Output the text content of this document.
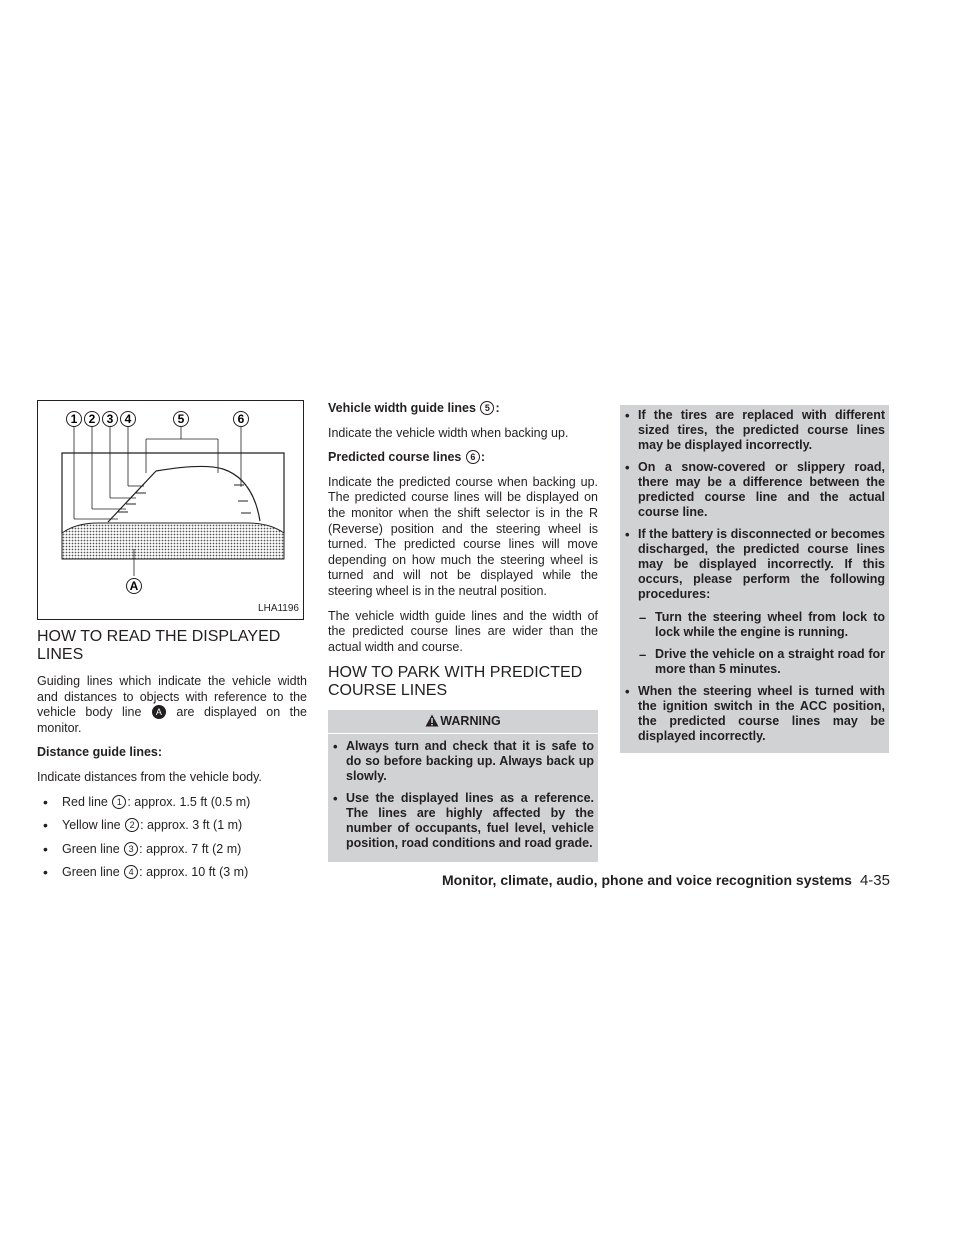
1 2 3 4	5	6
A
LHA1196
HOW TO READ THE DISPLAYED LINES

Guiding lines which indicate the vehicle width and distances to objects with reference to the vehicle body line A are displayed on the monitor.

Distance guide lines:

Indicate distances from the vehicle body.

• Red line 1 : approx. 1.5 ft (0.5 m)
• Yellow line 2 : approx. 3 ft (1 m)
• Green line 3 : approx. 7 ft (2 m)
• Green line 4 : approx. 10 ft (3 m)

Vehicle width guide lines 5 :

Indicate the vehicle width when backing up.

Predicted course lines 6 :

Indicate the predicted course when backing up. The predicted course lines will be displayed on the monitor when the shift selector is in the R (Reverse) position and the steering wheel is turned. The predicted course lines will move depending on how much the steering wheel is turned and will not be displayed while the steering wheel is in the neutral position.

The vehicle width guide lines and the width of the predicted course lines are wider than the actual width and course.

HOW TO PARK WITH PREDICTED COURSE LINES
WARNING
• Always turn and check that it is safe to do so before backing up. Always back up slowly.
• Use the displayed lines as a reference. The lines are highly affected by the number of occupants, fuel level, vehicle position, road conditions and road grade.
• If the tires are replaced with different sized tires, the predicted course lines may be displayed incorrectly.
• On a snow-covered or slippery road, there may be a difference between the predicted course line and the actual course line.
• If the battery is disconnected or becomes discharged, the predicted course lines may be displayed incorrectly. If this occurs, please perform the following procedures:
– Turn the steering wheel from lock to lock while the engine is running.
– Drive the vehicle on a straight road for more than 5 minutes.
• When the steering wheel is turned with the ignition switch in the ACC position, the predicted course lines may be displayed incorrectly.
Monitor, climate, audio, phone and voice recognition systems 4-35
